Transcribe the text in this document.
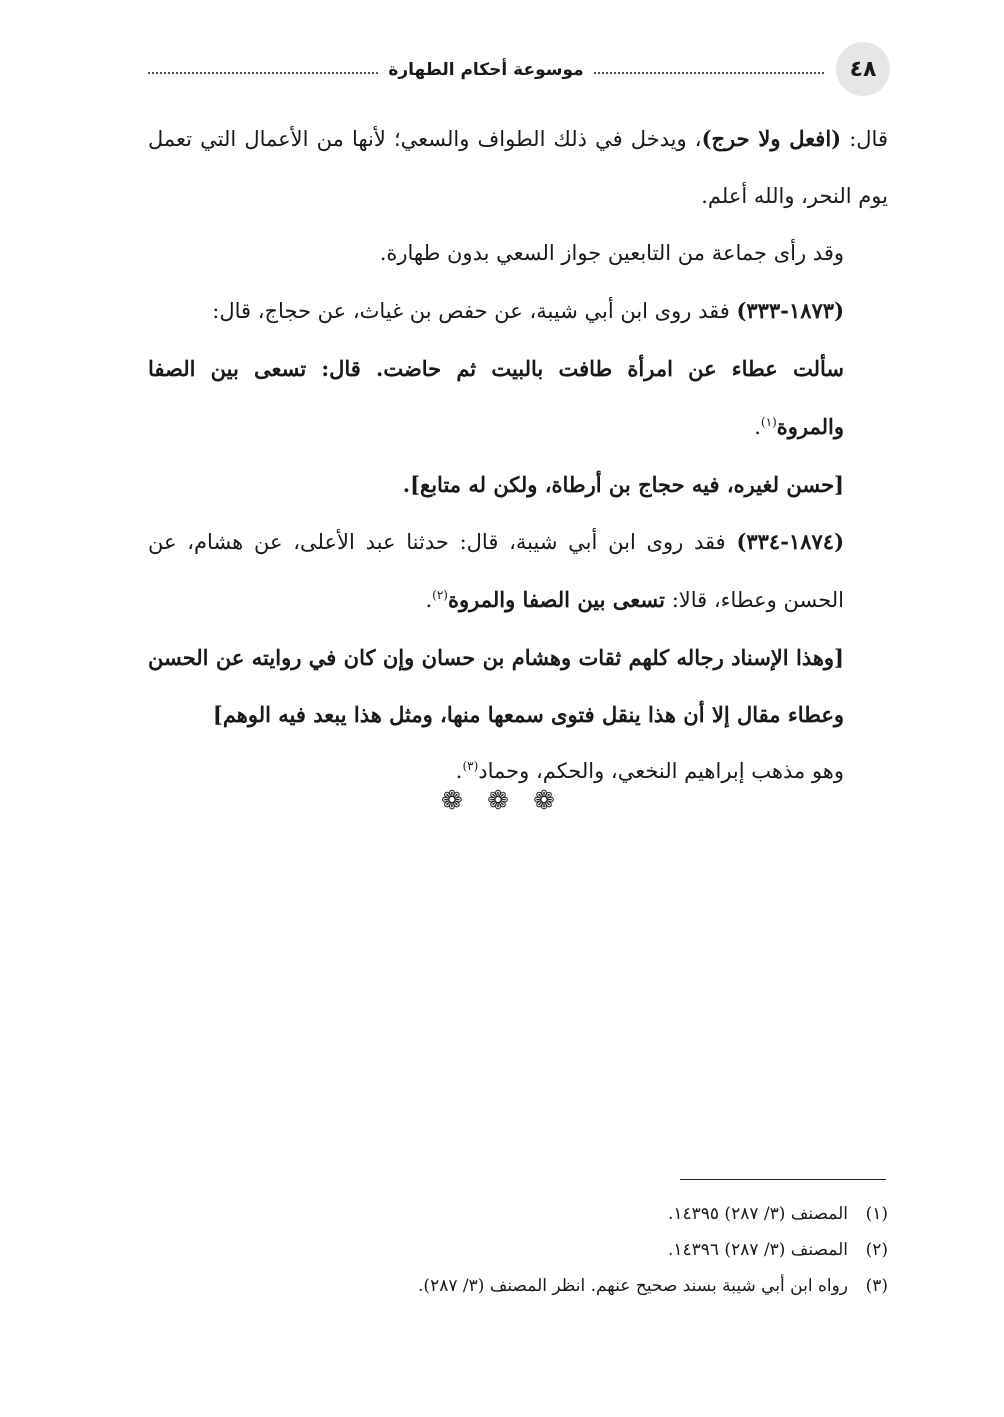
٤٨
موسوعة أحكام الطهارة

قال: (افعل ولا حرج)، ويدخل في ذلك الطواف والسعي؛ لأنها من الأعمال التي تعمل يوم النحر، والله أعلم.

وقد رأى جماعة من التابعين جواز السعي بدون طهارة.

(١٨٧٣-٣٣٣) فقد روى ابن أبي شيبة، عن حفص بن غياث، عن حجاج، قال:

سألت عطاء عن امرأة طافت بالبيت ثم حاضت. قال: تسعى بين الصفا والمروة$^{(١)}$.

[حسن لغيره، فيه حجاج بن أرطاة، ولكن له متابع].

(١٨٧٤-٣٣٤) فقد روى ابن أبي شيبة، قال: حدثنا عبد الأعلى، عن هشام، عن الحسن وعطاء، قالا: تسعى بين الصفا والمروة$^{(٢)}$.

[وهذا الإسناد رجاله كلهم ثقات وهشام بن حسان وإن كان في روايته عن الحسن وعطاء مقال إلا أن هذا ينقل فتوى سمعها منها، ومثل هذا يبعد فيه الوهم]

وهو مذهب إبراهيم النخعي، والحكم، وحماد$^{(٣)}$.

❁ ❁ ❁

(١)المصنف (٣/ ٢٨٧) ١٤٣٩٥.

(٢)المصنف (٣/ ٢٨٧) ١٤٣٩٦.

(٣)رواه ابن أبي شيبة بسند صحيح عنهم. انظر المصنف (٣/ ٢٨٧).
